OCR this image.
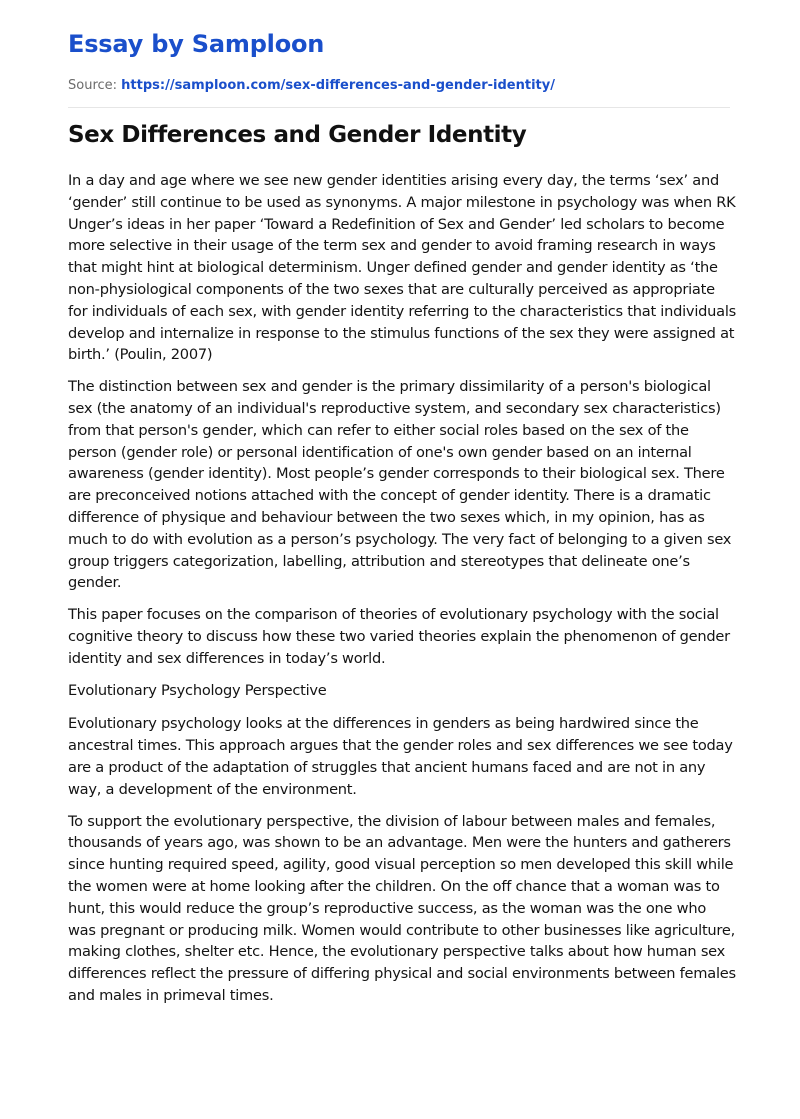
Essay by Samploon
Source: https://samploon.com/sex-differences-and-gender-identity/
Sex Differences and Gender Identity

In a day and age where we see new gender identities arising every day, the terms ‘sex’ and ‘gender’ still continue to be used as synonyms. A major milestone in psychology was when RK Unger’s ideas in her paper ‘Toward a Redefinition of Sex and Gender’ led scholars to become more selective in their usage of the term sex and gender to avoid framing research in ways that might hint at biological determinism. Unger defined gender and gender identity as ‘the non-physiological components of the two sexes that are culturally perceived as appropriate for individuals of each sex, with gender identity referring to the characteristics that individuals develop and internalize in response to the stimulus functions of the sex they were assigned at birth.’ (Poulin, 2007)

The distinction between sex and gender is the primary dissimilarity of a person's biological sex (the anatomy of an individual's reproductive system, and secondary sex characteristics) from that person's gender, which can refer to either social roles based on the sex of the person (gender role) or personal identification of one's own gender based on an internal awareness (gender identity). Most people’s gender corresponds to their biological sex. There are preconceived notions attached with the concept of gender identity. There is a dramatic difference of physique and behaviour between the two sexes which, in my opinion, has as much to do with evolution as a person’s psychology. The very fact of belonging to a given sex group triggers categorization, labelling, attribution and stereotypes that delineate one’s gender.

This paper focuses on the comparison of theories of evolutionary psychology with the social cognitive theory to discuss how these two varied theories explain the phenomenon of gender identity and sex differences in today’s world.

Evolutionary Psychology Perspective

Evolutionary psychology looks at the differences in genders as being hardwired since the ancestral times. This approach argues that the gender roles and sex differences we see today are a product of the adaptation of struggles that ancient humans faced and are not in any way, a development of the environment.

To support the evolutionary perspective, the division of labour between males and females, thousands of years ago, was shown to be an advantage. Men were the hunters and gatherers since hunting required speed, agility, good visual perception so men developed this skill while the women were at home looking after the children. On the off chance that a woman was to hunt, this would reduce the group’s reproductive success, as the woman was the one who was pregnant or producing milk. Women would contribute to other businesses like agriculture, making clothes, shelter etc. Hence, the evolutionary perspective talks about how human sex differences reflect the pressure of differing physical and social environments between females and males in primeval times.
